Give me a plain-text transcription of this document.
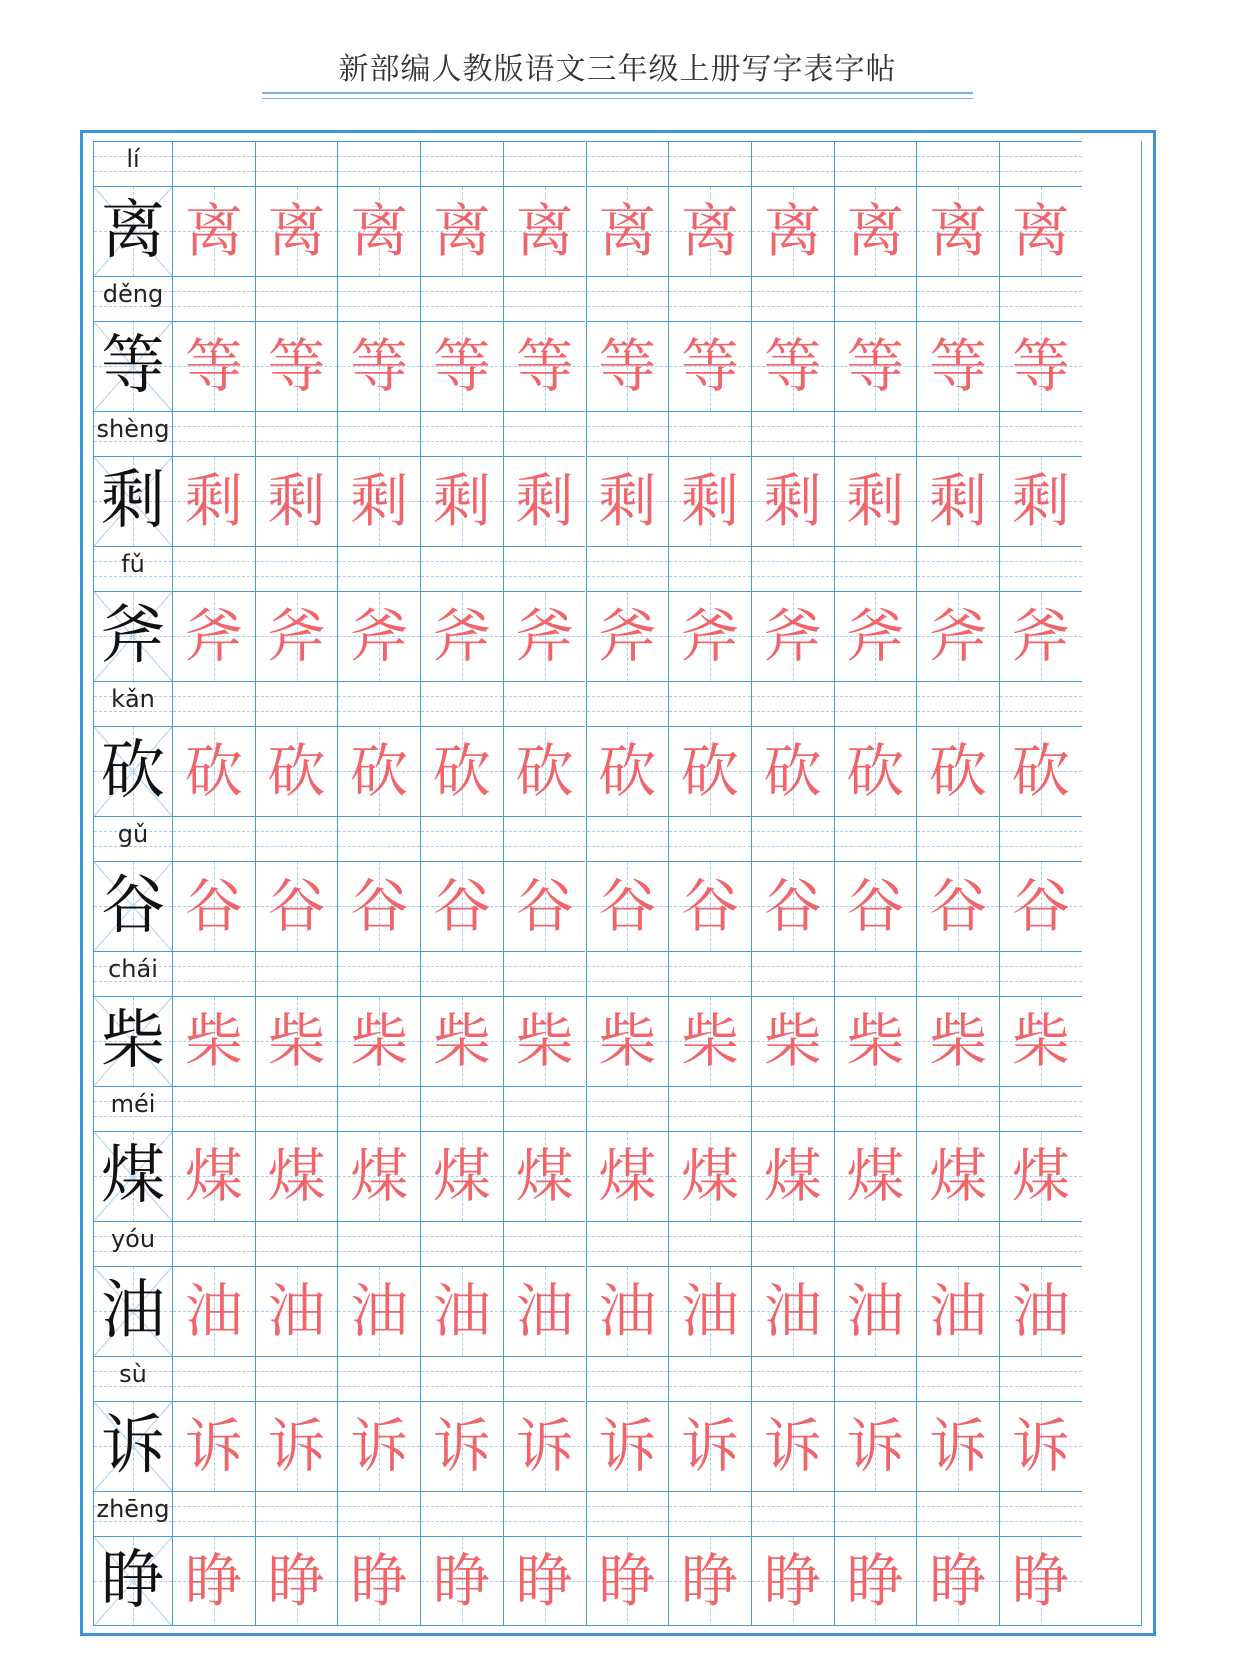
新部编人教版语文三年级上册写字表字帖
lí
离 离 离 离 离 离 离 离 离 离 离 离
děng
等 等 等 等 等 等 等 等 等 等 等 等
shèng
剩 剩 剩 剩 剩 剩 剩 剩 剩 剩 剩 剩
fǔ
斧 斧 斧 斧 斧 斧 斧 斧 斧 斧 斧 斧
kǎn
砍 砍 砍 砍 砍 砍 砍 砍 砍 砍 砍 砍
gǔ
谷 谷 谷 谷 谷 谷 谷 谷 谷 谷 谷 谷
chái
柴 柴 柴 柴 柴 柴 柴 柴 柴 柴 柴 柴
méi
煤 煤 煤 煤 煤 煤 煤 煤 煤 煤 煤 煤
yóu
油 油 油 油 油 油 油 油 油 油 油 油
sù
诉 诉 诉 诉 诉 诉 诉 诉 诉 诉 诉 诉
zhēng
睁 睁 睁 睁 睁 睁 睁 睁 睁 睁 睁 睁
